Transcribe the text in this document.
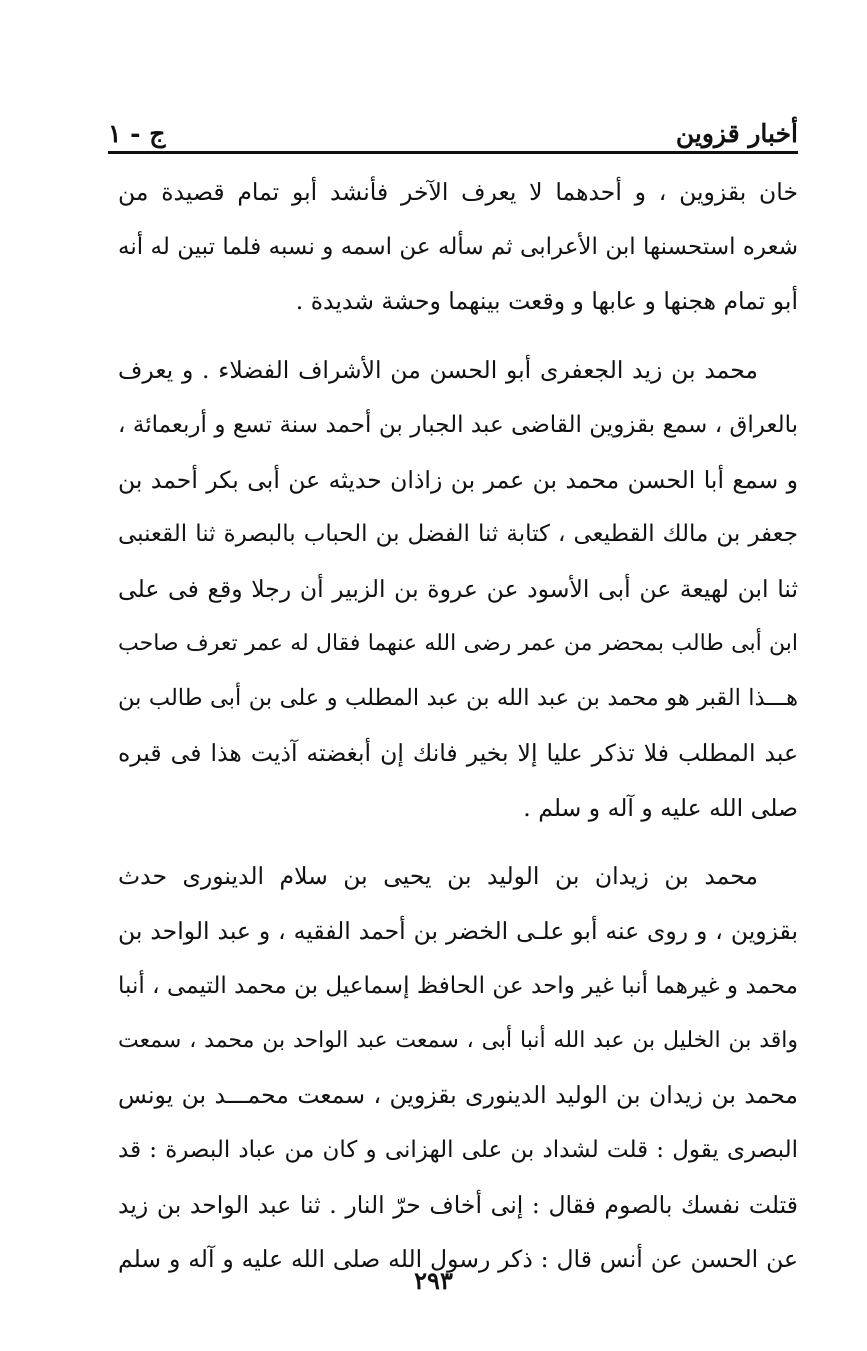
أخبار قزوين
ج - ١
خان بقزوين ، و أحدهما لا يعرف الآخر فأنشد أبو تمام قصيدة من
شعره استحسنها ابن الأعرابى ثم سأله عن اسمه و نسبه فلما تبين له أنه
أبو تمام هجنها و عابها و وقعت بينهما وحشة شديدة .
محمد بن زيد الجعفرى أبو الحسن من الأشراف الفضلاء . و يعرف
بالعراق ، سمع بقزوين القاضى عبد الجبار بن أحمد سنة تسع و أربعمائة ،
و سمع أبا الحسن محمد بن عمر بن زاذان حديثه عن أبى بكر أحمد بن
جعفر بن مالك القطيعى ، كتابة ثنا الفضل بن الحباب بالبصرة ثنا القعنبى
ثنا ابن لهيعة عن أبى الأسود عن عروة بن الزبير أن رجلا وقع فى على
ابن أبى طالب بمحضر من عمر رضى الله عنهما فقال له عمر تعرف صاحب
هـــذا القبر هو محمد بن عبد الله بن عبد المطلب و على بن أبى طالب بن
عبد المطلب فلا تذكر عليا إلا بخير فانك إن أبغضته آذيت هذا فى قبره
صلى الله عليه و آله و سلم .
محمد بن زيدان بن الوليد بن يحيى بن سلام الدينورى حدث
بقزوين ، و روى عنه أبو علـى الخضر بن أحمد الفقيه ، و عبد الواحد بن
محمد و غيرهما أنبا غير واحد عن الحافظ إسماعيل بن محمد التيمى ، أنبا
واقد بن الخليل بن عبد الله أنبا أبى ، سمعت عبد الواحد بن محمد ، سمعت
محمد بن زيدان بن الوليد الدينورى بقزوين ، سمعت محمـــد بن يونس
البصرى يقول : قلت لشداد بن على الهزانى و كان من عباد البصرة : قد
قتلت نفسك بالصوم فقال : إنى أخاف حرّ النار . ثنا عبد الواحد بن زيد
عن الحسن عن أنس قال : ذكر رسول الله صلى الله عليه و آله و سلم
٢٩٣
